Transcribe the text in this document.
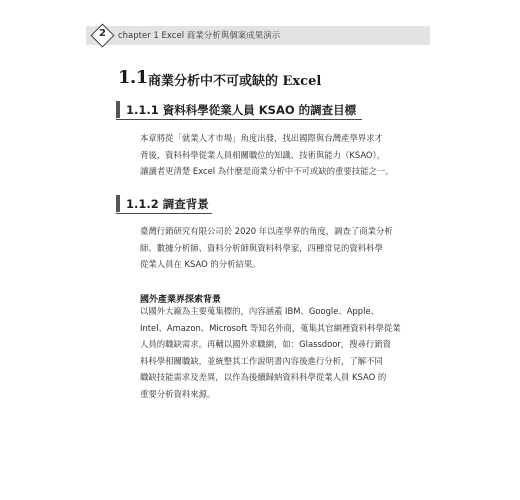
2	chapter 1 Excel 商業分析與個案成果演示
1.1 商業分析中不可或缺的 Excel
1.1.1 資料科學從業人員 KSAO 的調查目標
本章將從「就業人才市場」角度出發，找出國際與台灣產學界求才
背後，資料科學從業人員相關職位的知識、技術與能力（KSAO），
讓讀者更清楚 Excel 為什麼是商業分析中不可或缺的重要技能之一。
1.1.2 調查背景
臺灣行銷研究有限公司於 2020 年以產學界的角度，調查了商業分析
師、數據分析師、資料分析師與資料科學家，四種常見的資料科學
從業人員在 KSAO 的分析結果。
國外產業界探索背景
以國外大廠為主要蒐集標的，內容涵蓋 IBM、Google、Apple、
Intel、Amazon、Microsoft 等知名外商，蒐集其官網裡資料科學從業
人員的職缺需求。再輔以國外求職網，如：Glassdoor，搜尋行銷資
料科學相關職缺，並統整其工作說明書內容後進行分析，了解不同
職缺技能需求及差異，以作為後續歸納資料科學從業人員 KSAO 的
重要分析資料來源。
